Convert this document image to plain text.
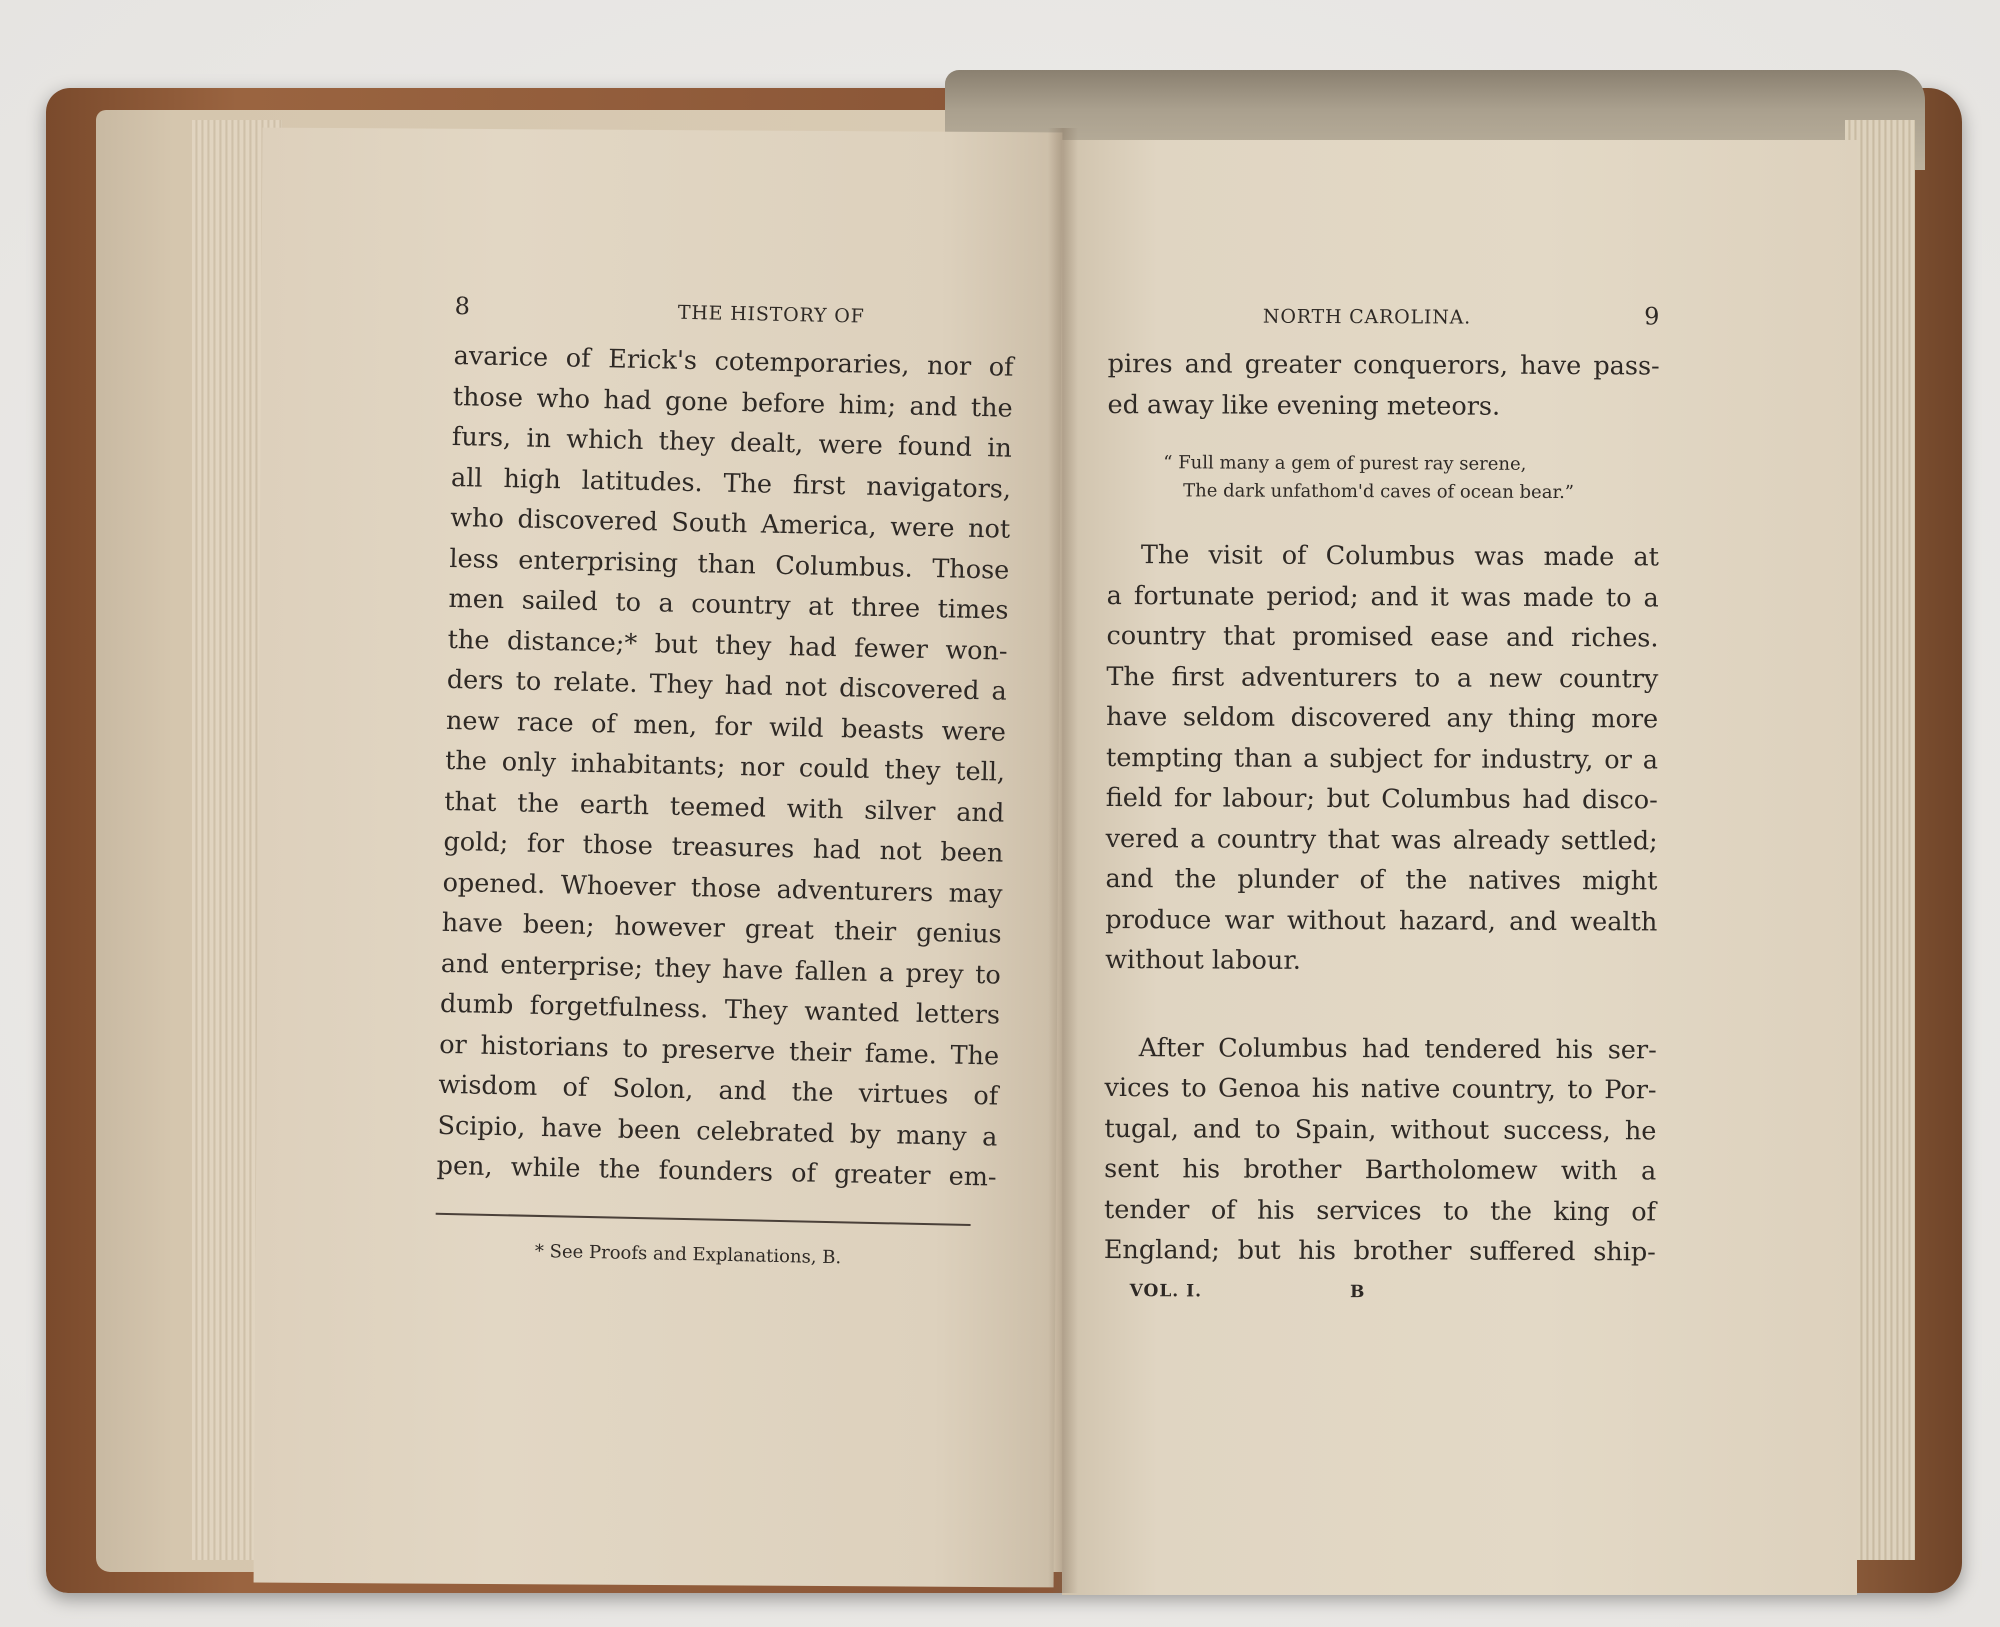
8	THE HISTORY OF
avarice of Erick's cotemporaries, nor of
those who had gone before him; and the
furs, in which they dealt, were found in
all high latitudes. The first navigators,
who discovered South America, were not
less enterprising than Columbus. Those
men sailed to a country at three times
the distance;* but they had fewer won-
ders to relate. They had not discovered a
new race of men, for wild beasts were
the only inhabitants; nor could they tell,
that the earth teemed with silver and
gold; for those treasures had not been
opened. Whoever those adventurers may
have been; however great their genius
and enterprise; they have fallen a prey to
dumb forgetfulness. They wanted letters
or historians to preserve their fame. The
wisdom of Solon, and the virtues of
Scipio, have been celebrated by many a
pen, while the founders of greater em-
* See Proofs and Explanations, B.
NORTH CAROLINA.	9
pires and greater conquerors, have pass-
ed away like evening meteors.
“ Full many a gem of purest ray serene,
The dark unfathom'd caves of ocean bear.”
The visit of Columbus was made at
a fortunate period; and it was made to a
country that promised ease and riches.
The first adventurers to a new country
have seldom discovered any thing more
tempting than a subject for industry, or a
field for labour; but Columbus had disco-
vered a country that was already settled;
and the plunder of the natives might
produce war without hazard, and wealth
without labour.
After Columbus had tendered his ser-
vices to Genoa his native country, to Por-
tugal, and to Spain, without success, he
sent his brother Bartholomew with a
tender of his services to the king of
England; but his brother suffered ship-
VOL. I.	B
